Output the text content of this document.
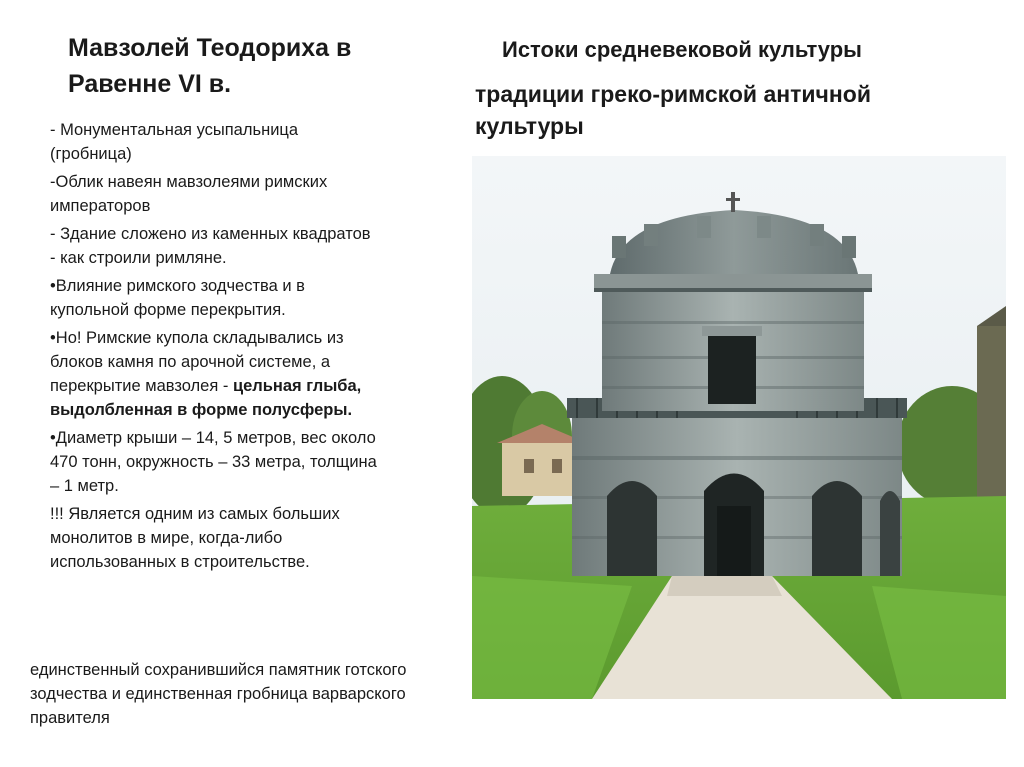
Мавзолей Теодориха в Равенне VI в.
Истоки средневековой культуры
традиции греко-римской античной культуры
- Монументальная усыпальница (гробница)
-Облик навеян мавзолеями римских императоров
- Здание сложено из каменных квадратов - как строили римляне.
•Влияние римского зодчества и в купольной форме перекрытия.
•Но! Римские купола складывались из блоков камня по арочной системе, а перекрытие мавзолея - цельная глыба, выдолбленная в форме полусферы.
•Диаметр крыши – 14, 5 метров, вес около 470 тонн, окружность – 33 метра, толщина – 1 метр.
!!! Является одним из самых больших монолитов в мире, когда-либо использованных в строительстве.

единственный сохранившийся памятник готского зодчества и единственная гробница варварского правителя
